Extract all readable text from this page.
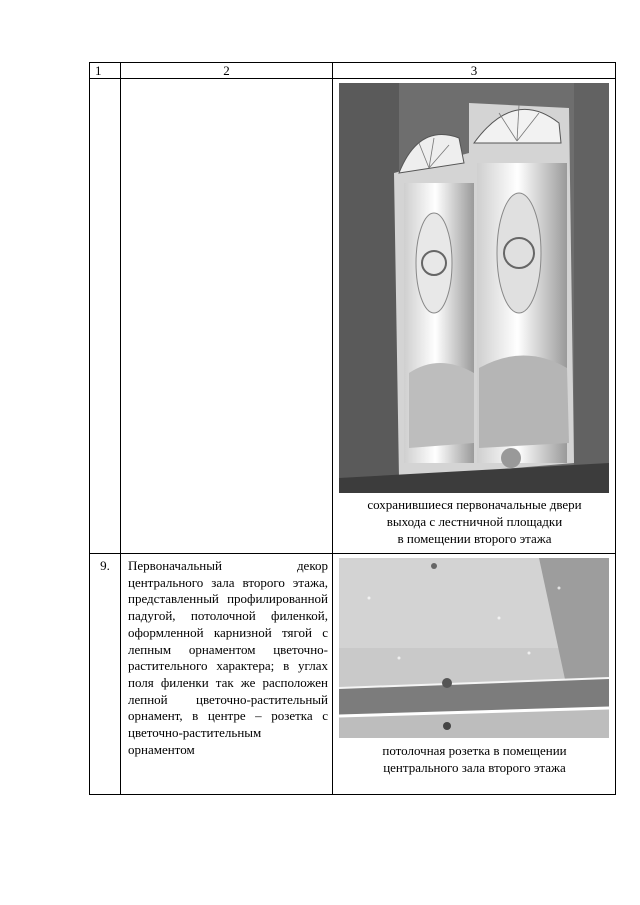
1	2	3

		сохранившиеся первоначальные двери
выхода с лестничной площадки
в помещении второго этажа

9.	Первоначальный декор центрального зала второго этажа, представленный профилированной падугой, потолочной филенкой, оформленной карнизной тягой с лепным орнаментом цветочно-растительного характера; в углах поля филенки так же расположен лепной цветочно-растительный орнамент, в центре – розетка с цветочно-растительным орнаментом	потолочная розетка в помещении
центрального зала второго этажа
